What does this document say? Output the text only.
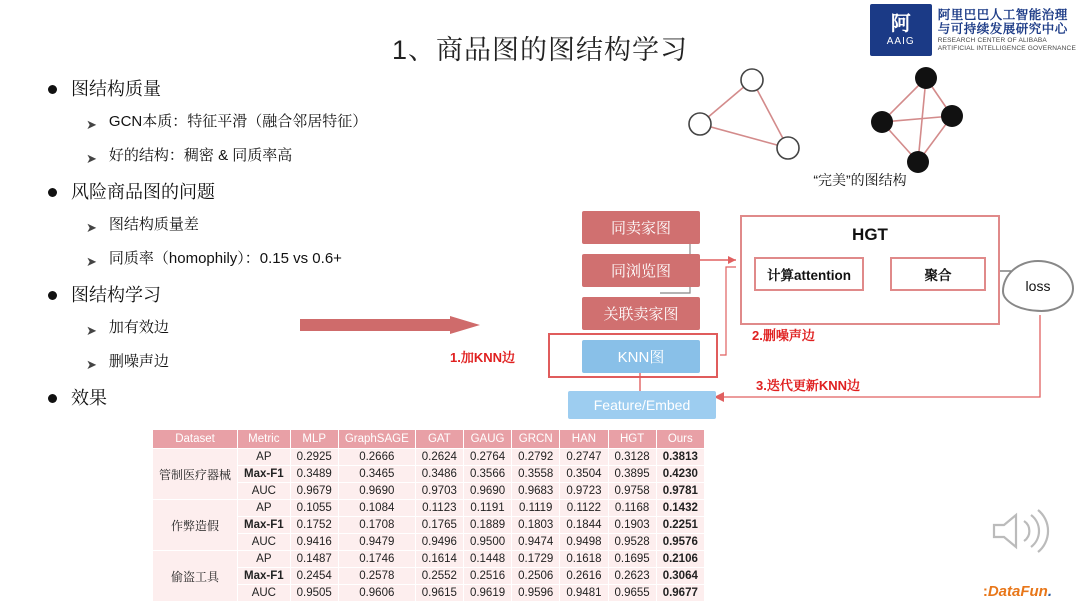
阿
AAIG
阿里巴巴人工智能治理
与可持续发展研究中心
RESEARCH CENTER OF ALIBABA
ARTIFICIAL INTELLIGENCE GOVERNANCE
1、商品图的图结构学习
图结构质量
➤ GCN本质：特征平滑（融合邻居特征）
➤ 好的结构：稠密 & 同质率高
风险商品图的问题
➤ 图结构质量差
➤ 同质率（homophily）：0.15 vs 0.6+
图结构学习
➤ 加有效边
➤ 删噪声边
效果
“完美”的图结构
同卖家图
同浏览图
关联卖家图
KNN图
Feature/Embed
HGT
计算attention	聚合
loss
1.加KNN边
2.删噪声边
3.迭代更新KNN边
Dataset	Metric	MLP	GraphSAGE	GAT	GAUG	GRCN	HAN	HGT	Ours
管制医疗器械	AP	0.2925	0.2666	0.2624	0.2764	0.2792	0.2747	0.3128	0.3813
	Max-F1	0.3489	0.3465	0.3486	0.3566	0.3558	0.3504	0.3895	0.4230
	AUC	0.9679	0.9690	0.9703	0.9690	0.9683	0.9723	0.9758	0.9781
作弊造假	AP	0.1055	0.1084	0.1123	0.1191	0.1119	0.1122	0.1168	0.1432
	Max-F1	0.1752	0.1708	0.1765	0.1889	0.1803	0.1844	0.1903	0.2251
	AUC	0.9416	0.9479	0.9496	0.9500	0.9474	0.9498	0.9528	0.9576
偷盗工具	AP	0.1487	0.1746	0.1614	0.1448	0.1729	0.1618	0.1695	0.2106
	Max-F1	0.2454	0.2578	0.2552	0.2516	0.2506	0.2616	0.2623	0.3064
	AUC	0.9505	0.9606	0.9615	0.9619	0.9596	0.9481	0.9655	0.9677	: DataFun .
